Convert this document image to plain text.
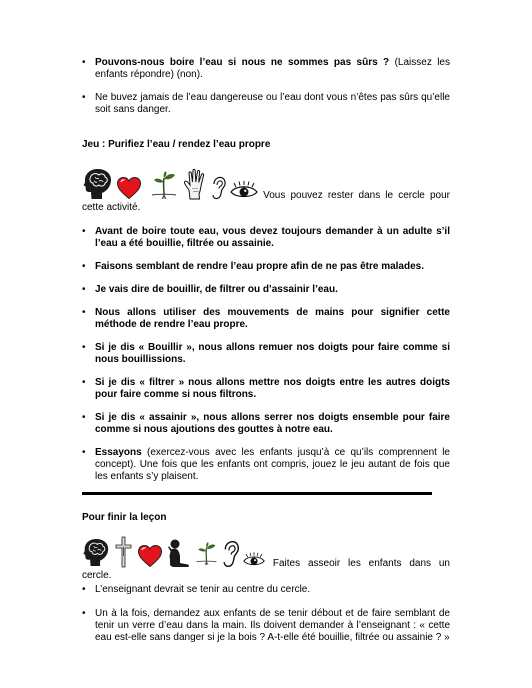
• Pouvons-nous boire l’eau si nous ne sommes pas sûrs ? (Laissez les enfants répondre) (non).
• Ne buvez jamais de l’eau dangereuse ou l’eau dont vous n’êtes pas sûrs qu’elle soit sans danger.
Jeu : Purifiez l’eau / rendez l’eau propre

Vous pouvez rester dans le cercle pour cette activité.

• Avant de boire toute eau, vous devez toujours demander à un adulte s’il l’eau a été bouillie, filtrée ou assainie.
• Faisons semblant de rendre l’eau propre afin de ne pas être malades.
• Je vais dire de bouillir, de filtrer ou d’assainir l’eau.
• Nous allons utiliser des mouvements de mains pour signifier cette méthode de rendre l’eau propre.
• Si je dis « Bouillir », nous allons remuer nos doigts pour faire comme si nous bouillissions.
• Si je dis « filtrer » nous allons mettre nos doigts entre les autres doigts pour faire comme si nous filtrons.
• Si je dis « assainir », nous allons serrer nos doigts ensemble pour faire comme si nous ajoutions des gouttes à notre eau.
• Essayons (exercez-vous avec les enfants jusqu’à ce qu’ils comprennent le concept). Une fois que les enfants ont compris, jouez le jeu autant de fois que les enfants s’y plaisent.
Pour finir la leçon

Faites asseoir les enfants dans un cercle.

• L’enseignant devrait se tenir au centre du cercle.
• Un à la fois, demandez aux enfants de se tenir débout et de faire semblant de tenir un verre d’eau dans la main. Ils doivent demander à l’enseignant : « cette eau est-elle sans danger si je la bois ? A-t-elle été bouillie, filtrée ou assainie ? »
